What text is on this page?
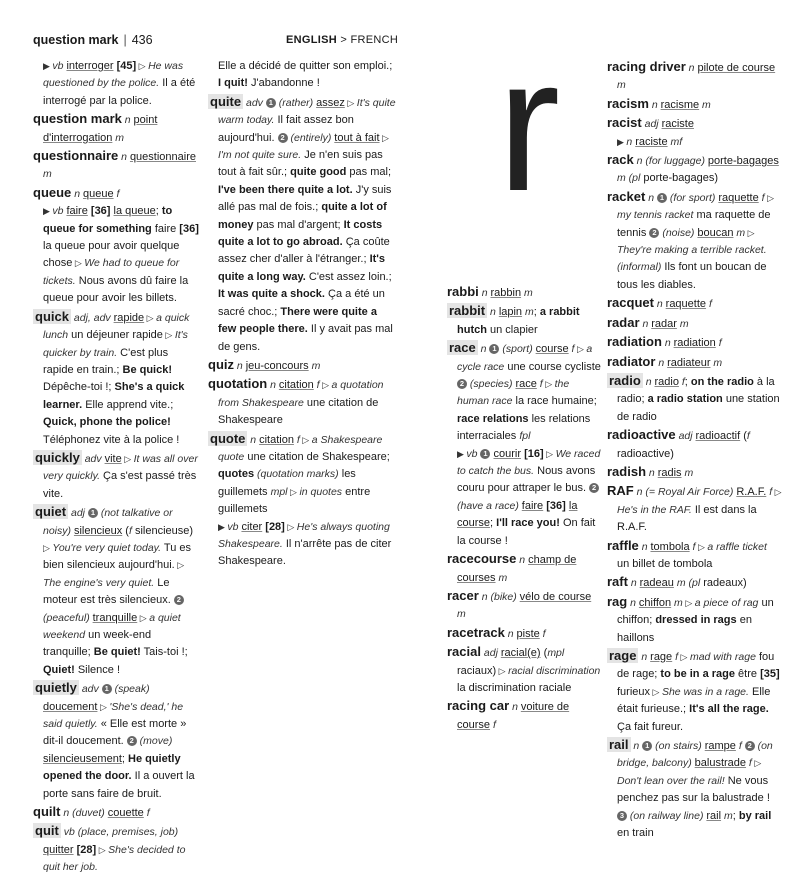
question mark | 436	ENGLISH > FRENCH r
▶ vb interroger [45] ▷ He was questioned by the police. Il a été interrogé par la police.
question mark n point d'interrogation m
questionnaire n questionnaire m
queue n queue f
▶ vb faire [36] la queue; to queue for something faire [36] la queue pour avoir quelque chose ▷ We had to queue for tickets. Nous avons dû faire la queue pour avoir les billets.
quick adj, adv rapide ▷ a quick lunch un déjeuner rapide ▷ It's quicker by train. C'est plus rapide en train.; Be quick! Dépêche-toi !; She's a quick learner. Elle apprend vite.; Quick, phone the police! Téléphonez vite à la police !
quickly adv vite ▷ It was all over very quickly. Ça s'est passé très vite.
quiet adj 1 (not talkative or noisy) silencieux (f silencieuse) ▷ You're very quiet today. Tu es bien silencieux aujourd'hui. ▷ The engine's very quiet. Le moteur est très silencieux. 2 (peaceful) tranquille ▷ a quiet weekend un week-end tranquille; Be quiet! Tais-toi !; Quiet! Silence !
quietly adv 1 (speak) doucement ▷ 'She's dead,' he said quietly. « Elle est morte » dit-il doucement. 2 (move) silencieusement; He quietly opened the door. Il a ouvert la porte sans faire de bruit.
quilt n (duvet) couette f
quit vb (place, premises, job) quitter [28] ▷ She's decided to quit her job.
Elle a décidé de quitter son emploi.; I quit! J'abandonne !
quite adv 1 (rather) assez ▷ It's quite warm today. Il fait assez bon aujourd'hui. 2 (entirely) tout à fait ▷ I'm not quite sure. Je n'en suis pas tout à fait sûr.; quite good pas mal; I've been there quite a lot. J'y suis allé pas mal de fois.; quite a lot of money pas mal d'argent; It costs quite a lot to go abroad. Ça coûte assez cher d'aller à l'étranger.; It's quite a long way. C'est assez loin.; It was quite a shock. Ça a été un sacré choc.; There were quite a few people there. Il y avait pas mal de gens.
quiz n jeu-concours m
quotation n citation f ▷ a quotation from Shakespeare une citation de Shakespeare
quote n citation f ▷ a Shakespeare quote une citation de Shakespeare; quotes (quotation marks) les guillemets mpl ▷ in quotes entre guillemets
▶ vb citer [28] ▷ He's always quoting Shakespeare. Il n'arrête pas de citer Shakespeare.
rabbi n rabbin m
rabbit n lapin m; a rabbit hutch un clapier
race n 1 (sport) course f ▷ a cycle race une course cycliste 2 (species) race f ▷ the human race la race humaine; race relations les relations interraciales fpl
▶ vb 1 courir [16] ▷ We raced to catch the bus. Nous avons couru pour attraper le bus. 2 (have a race) faire [36] la course; I'll race you! On fait la course !
racecourse n champ de courses m
racer n (bike) vélo de course m
racetrack n piste f
racial adj racial(e) (mpl raciaux) ▷ racial discrimination la discrimination raciale
racing car n voiture de course f
racing driver n pilote de course m
racism n racisme m
racist adj raciste
▶ n raciste mf
rack n (for luggage) porte-bagages m (pl porte-bagages)
racket n 1 (for sport) raquette f ▷ my tennis racket ma raquette de tennis 2 (noise) boucan m ▷ They're making a terrible racket. (informal) Ils font un boucan de tous les diables.
racquet n raquette f
radar n radar m
radiation n radiation f
radiator n radiateur m
radio n radio f; on the radio à la radio; a radio station une station de radio
radioactive adj radioactif (f radioactive)
radish n radis m
RAF n (= Royal Air Force) R.A.F. f ▷ He's in the RAF. Il est dans la R.A.F.
raffle n tombola f ▷ a raffle ticket un billet de tombola
raft n radeau m (pl radeaux)
rag n chiffon m ▷ a piece of rag un chiffon; dressed in rags en haillons
rage n rage f ▷ mad with rage fou de rage; to be in a rage être [35] furieux ▷ She was in a rage. Elle était furieuse.; It's all the rage. Ça fait fureur.
rail n 1 (on stairs) rampe f 2 (on bridge, balcony) balustrade f ▷ Don't lean over the rail! Ne vous penchez pas sur la balustrade ! 3 (on railway line) rail m; by rail en train
